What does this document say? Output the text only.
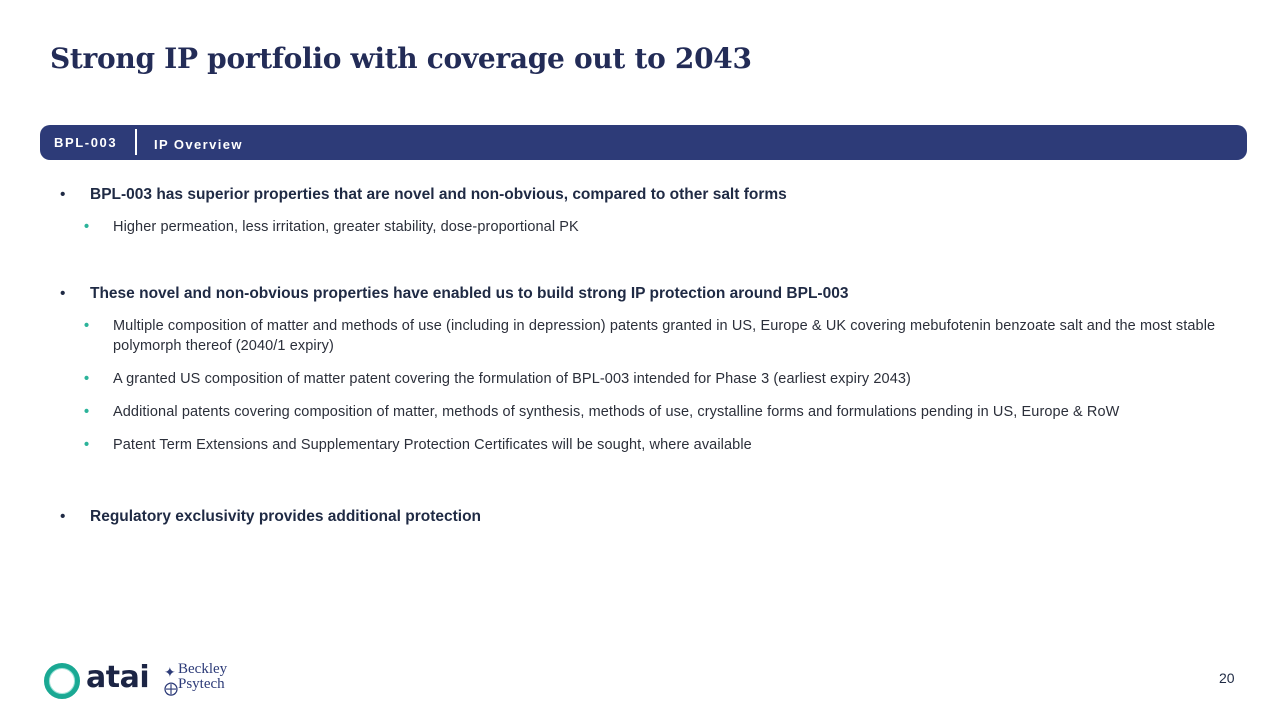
Strong IP portfolio with coverage out to 2043
BPL-003	IP Overview
• BPL-003 has superior properties that are novel and non-obvious, compared to other salt forms
• Higher permeation, less irritation, greater stability, dose-proportional PK
• These novel and non-obvious properties have enabled us to build strong IP protection around BPL-003
• Multiple composition of matter and methods of use (including in depression) patents granted in US, Europe & UK covering mebufotenin benzoate salt and the most stable polymorph thereof (2040/1 expiry)
• A granted US composition of matter patent covering the formulation of BPL-003 intended for Phase 3 (earliest expiry 2043)
• Additional patents covering composition of matter, methods of synthesis, methods of use, crystalline forms and formulations pending in US, Europe & RoW
• Patent Term Extensions and Supplementary Protection Certificates will be sought, where available
• Regulatory exclusivity provides additional protection
atai ✦
⨁
Beckley
Psytech	20
